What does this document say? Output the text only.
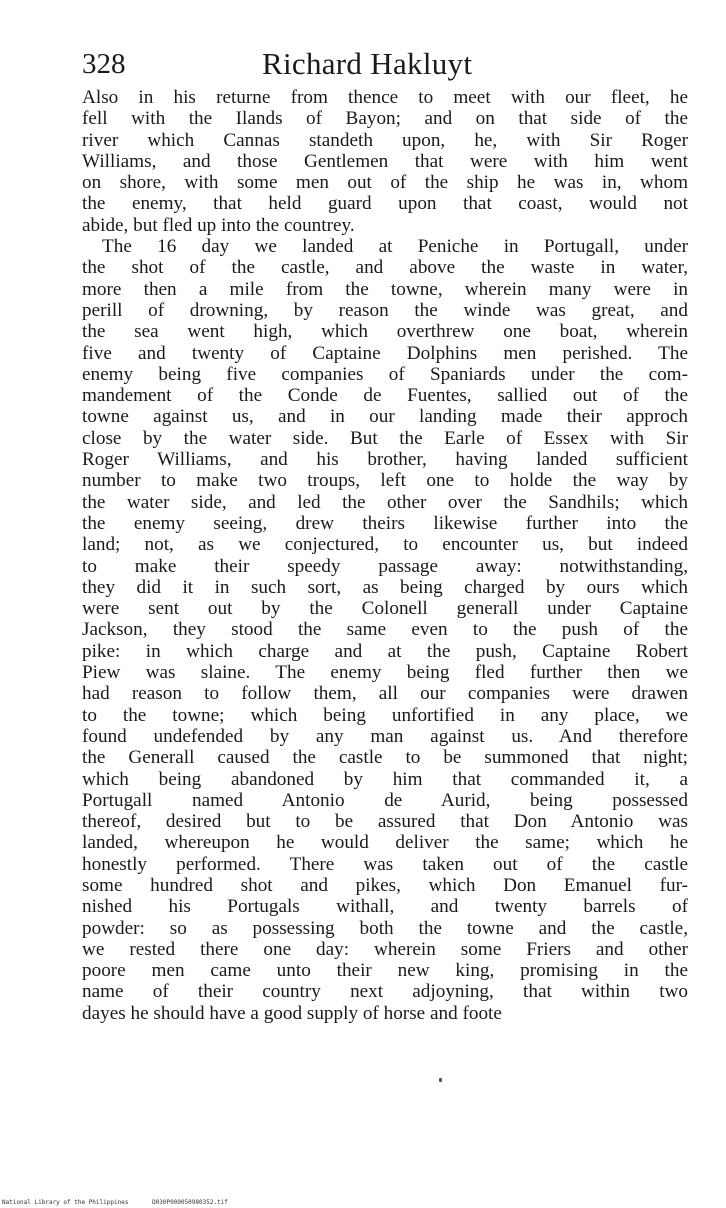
328	Richard Hakluyt
Also in his returne from thence to meet with our fleet, he
fell with the Ilands of Bayon; and on that side of the
river which Cannas standeth upon, he, with Sir Roger
Williams, and those Gentlemen that were with him went
on shore, with some men out of the ship he was in, whom
the enemy, that held guard upon that coast, would not
abide, but fled up into the countrey.
The 16 day we landed at Peniche in Portugall, under
the shot of the castle, and above the waste in water,
more then a mile from the towne, wherein many were in
perill of drowning, by reason the winde was great, and
the sea went high, which overthrew one boat, wherein
five and twenty of Captaine Dolphins men perished. The
enemy being five companies of Spaniards under the com-
mandement of the Conde de Fuentes, sallied out of the
towne against us, and in our landing made their approch
close by the water side. But the Earle of Essex with Sir
Roger Williams, and his brother, having landed sufficient
number to make two troups, left one to holde the way by
the water side, and led the other over the Sandhils; which
the enemy seeing, drew theirs likewise further into the
land; not, as we conjectured, to encounter us, but indeed
to make their speedy passage away: notwithstanding,
they did it in such sort, as being charged by ours which
were sent out by the Colonell generall under Captaine
Jackson, they stood the same even to the push of the
pike: in which charge and at the push, Captaine Robert
Piew was slaine. The enemy being fled further then we
had reason to follow them, all our companies were drawen
to the towne; which being unfortified in any place, we
found undefended by any man against us. And therefore
the Generall caused the castle to be summoned that night;
which being abandoned by him that commanded it, a
Portugall named Antonio de Aurid, being possessed
thereof, desired but to be assured that Don Antonio was
landed, whereupon he would deliver the same; which he
honestly performed. There was taken out of the castle
some hundred shot and pikes, which Don Emanuel fur-
nished his Portugals withall, and twenty barrels of
powder: so as possessing both the towne and the castle,
we rested there one day: wherein some Friers and other
poore men came unto their new king, promising in the
name of their country next adjoyning, that within two
dayes he should have a good supply of horse and foote
National Library of the Philippines	D030P000050980352.tif
